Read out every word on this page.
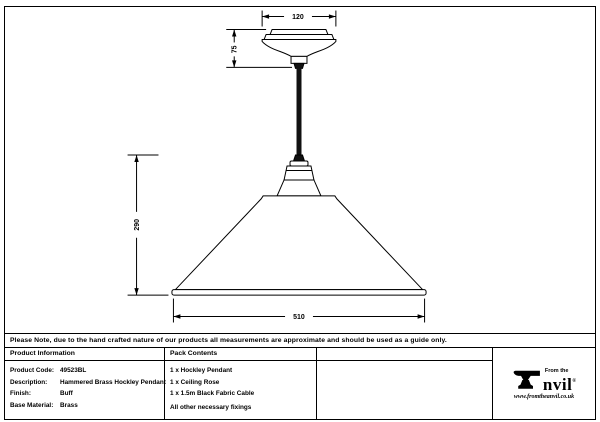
120
75
290
510
Please Note, due to the hand crafted nature of our products all measurements are approximate and should be used as a guide only.
Product Information
Product Code: 49523BL
Description:	Hammered Brass Hockley Pendant
Finish:	Buff
Base Material:	Brass
Pack Contents
1 x Hockley Pendant
1 x Ceiling Rose
1 x 1.5m Black Fabric Cable
All other necessary fixings
From the
nvil®
www.fromtheanvil.co.uk
